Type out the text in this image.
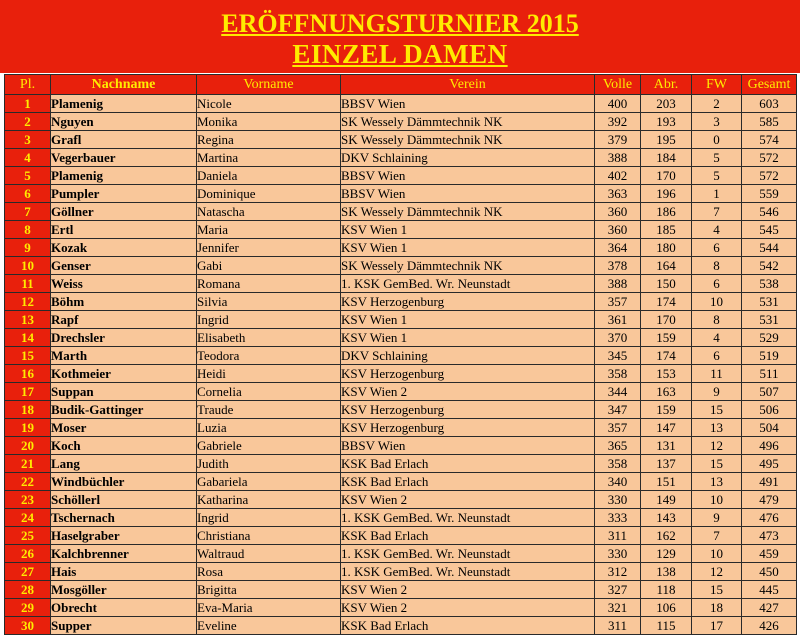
ERÖFFNUNGSTURNIER 2015
EINZEL DAMEN
Pl.	Nachname	Vorname	Verein	Volle	Abr.	FW	Gesamt
1	Plamenig	Nicole	BBSV Wien	400	203	2	603
2	Nguyen	Monika	SK Wessely Dämmtechnik NK	392	193	3	585
3	Grafl	Regina	SK Wessely Dämmtechnik NK	379	195	0	574
4	Vegerbauer	Martina	DKV Schlaining	388	184	5	572
5	Plamenig	Daniela	BBSV Wien	402	170	5	572
6	Pumpler	Dominique	BBSV Wien	363	196	1	559
7	Göllner	Natascha	SK Wessely Dämmtechnik NK	360	186	7	546
8	Ertl	Maria	KSV Wien 1	360	185	4	545
9	Kozak	Jennifer	KSV Wien 1	364	180	6	544
10	Genser	Gabi	SK Wessely Dämmtechnik NK	378	164	8	542
11	Weiss	Romana	1. KSK GemBed. Wr. Neunstadt	388	150	6	538
12	Böhm	Silvia	KSV Herzogenburg	357	174	10	531
13	Rapf	Ingrid	KSV Wien 1	361	170	8	531
14	Drechsler	Elisabeth	KSV Wien 1	370	159	4	529
15	Marth	Teodora	DKV Schlaining	345	174	6	519
16	Kothmeier	Heidi	KSV Herzogenburg	358	153	11	511
17	Suppan	Cornelia	KSV Wien 2	344	163	9	507
18	Budik-Gattinger	Traude	KSV Herzogenburg	347	159	15	506
19	Moser	Luzia	KSV Herzogenburg	357	147	13	504
20	Koch	Gabriele	BBSV Wien	365	131	12	496
21	Lang	Judith	KSK Bad Erlach	358	137	15	495
22	Windbüchler	Gabariela	KSK Bad Erlach	340	151	13	491
23	Schöllerl	Katharina	KSV Wien 2	330	149	10	479
24	Tschernach	Ingrid	1. KSK GemBed. Wr. Neunstadt	333	143	9	476
25	Haselgraber	Christiana	KSK Bad Erlach	311	162	7	473
26	Kalchbrenner	Waltraud	1. KSK GemBed. Wr. Neunstadt	330	129	10	459
27	Hais	Rosa	1. KSK GemBed. Wr. Neunstadt	312	138	12	450
28	Mosgöller	Brigitta	KSV Wien 2	327	118	15	445
29	Obrecht	Eva-Maria	KSV Wien 2	321	106	18	427
30	Supper	Eveline	KSK Bad Erlach	311	115	17	426
